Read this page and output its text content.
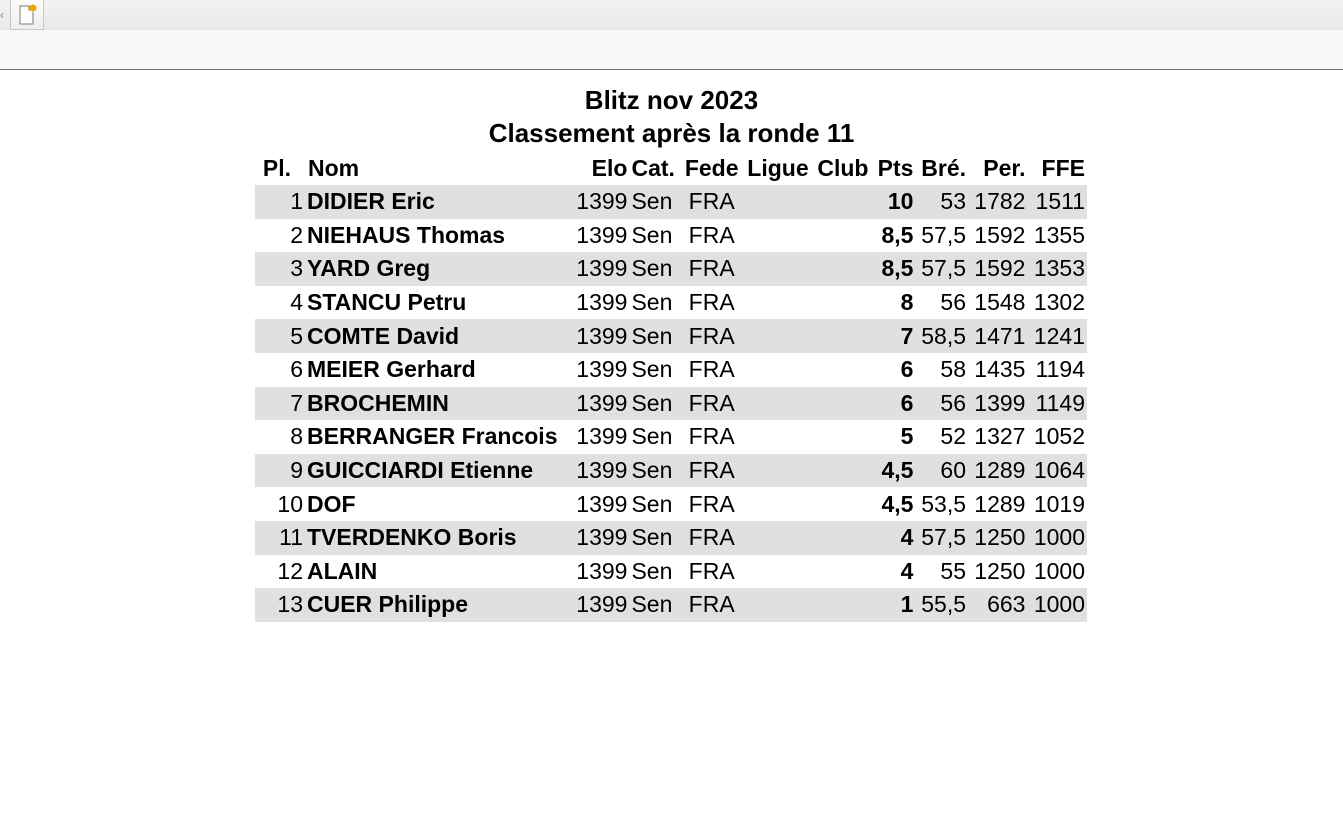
‹
Blitz nov 2023
Classement après la ronde 11
Pl.	Nom	Elo	Cat.	Fede	Ligue	Club	Pts	Bré.	Per.	FFE
1	DIDIER Eric	1399	Sen	FRA			10	53	1782	1511
2	NIEHAUS Thomas	1399	Sen	FRA			8,5	57,5	1592	1355
3	YARD Greg	1399	Sen	FRA			8,5	57,5	1592	1353
4	STANCU Petru	1399	Sen	FRA			8	56	1548	1302
5	COMTE David	1399	Sen	FRA			7	58,5	1471	1241
6	MEIER Gerhard	1399	Sen	FRA			6	58	1435	1194
7	BROCHEMIN	1399	Sen	FRA			6	56	1399	1149
8	BERRANGER Francois	1399	Sen	FRA			5	52	1327	1052
9	GUICCIARDI Etienne	1399	Sen	FRA			4,5	60	1289	1064
10	DOF	1399	Sen	FRA			4,5	53,5	1289	1019
11	TVERDENKO Boris	1399	Sen	FRA			4	57,5	1250	1000
12	ALAIN	1399	Sen	FRA			4	55	1250	1000
13	CUER Philippe	1399	Sen	FRA			1	55,5	663	1000
